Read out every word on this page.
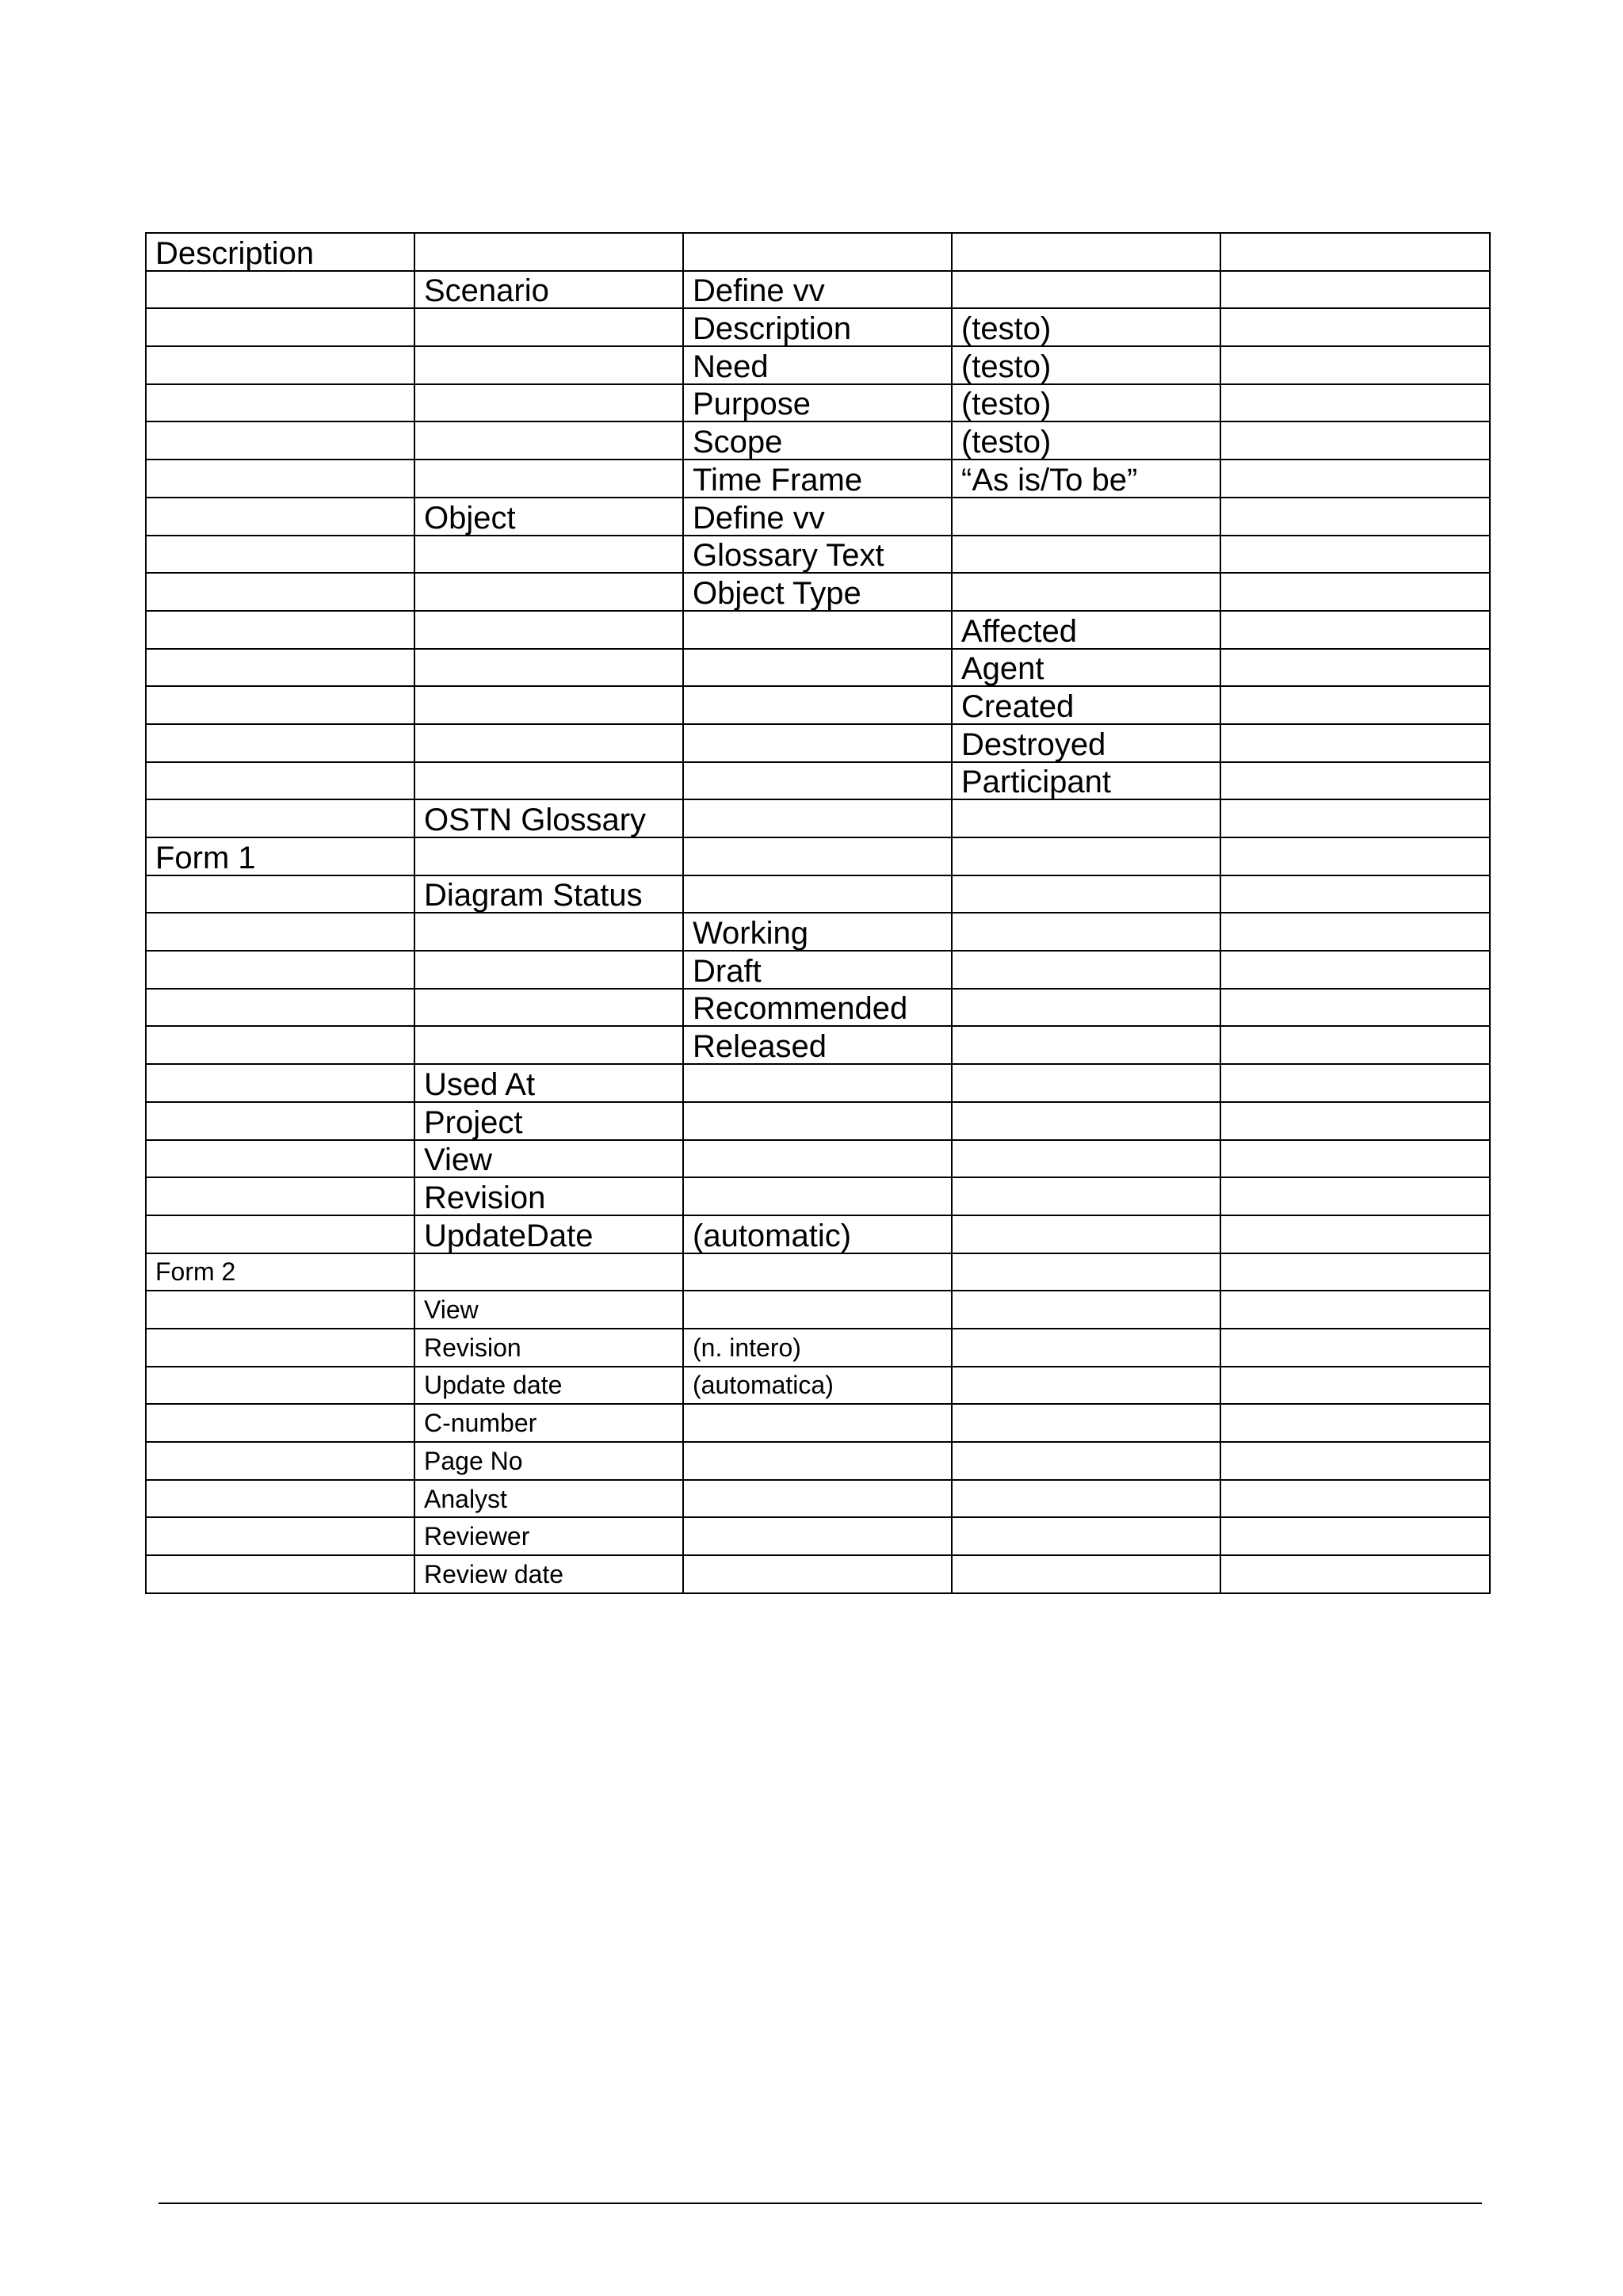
Description				
	Scenario	Define vv		
		Description	(testo)	
		Need	(testo)	
		Purpose	(testo)	
		Scope	(testo)	
		Time Frame	“As is/To be”	
	Object	Define vv		
		Glossary Text		
		Object Type		
			Affected	
			Agent	
			Created	
			Destroyed	
			Participant	
	OSTN Glossary			
Form 1				
	Diagram Status			
		Working		
		Draft		
		Recommended		
		Released		
	Used At			
	Project			
	View			
	Revision			
	UpdateDate	(automatic)		
Form 2				
	View			
	Revision	(n. intero)		
	Update date	(automatica)		
	C-number			
	Page No			
	Analyst			
	Reviewer			
	Review date			
